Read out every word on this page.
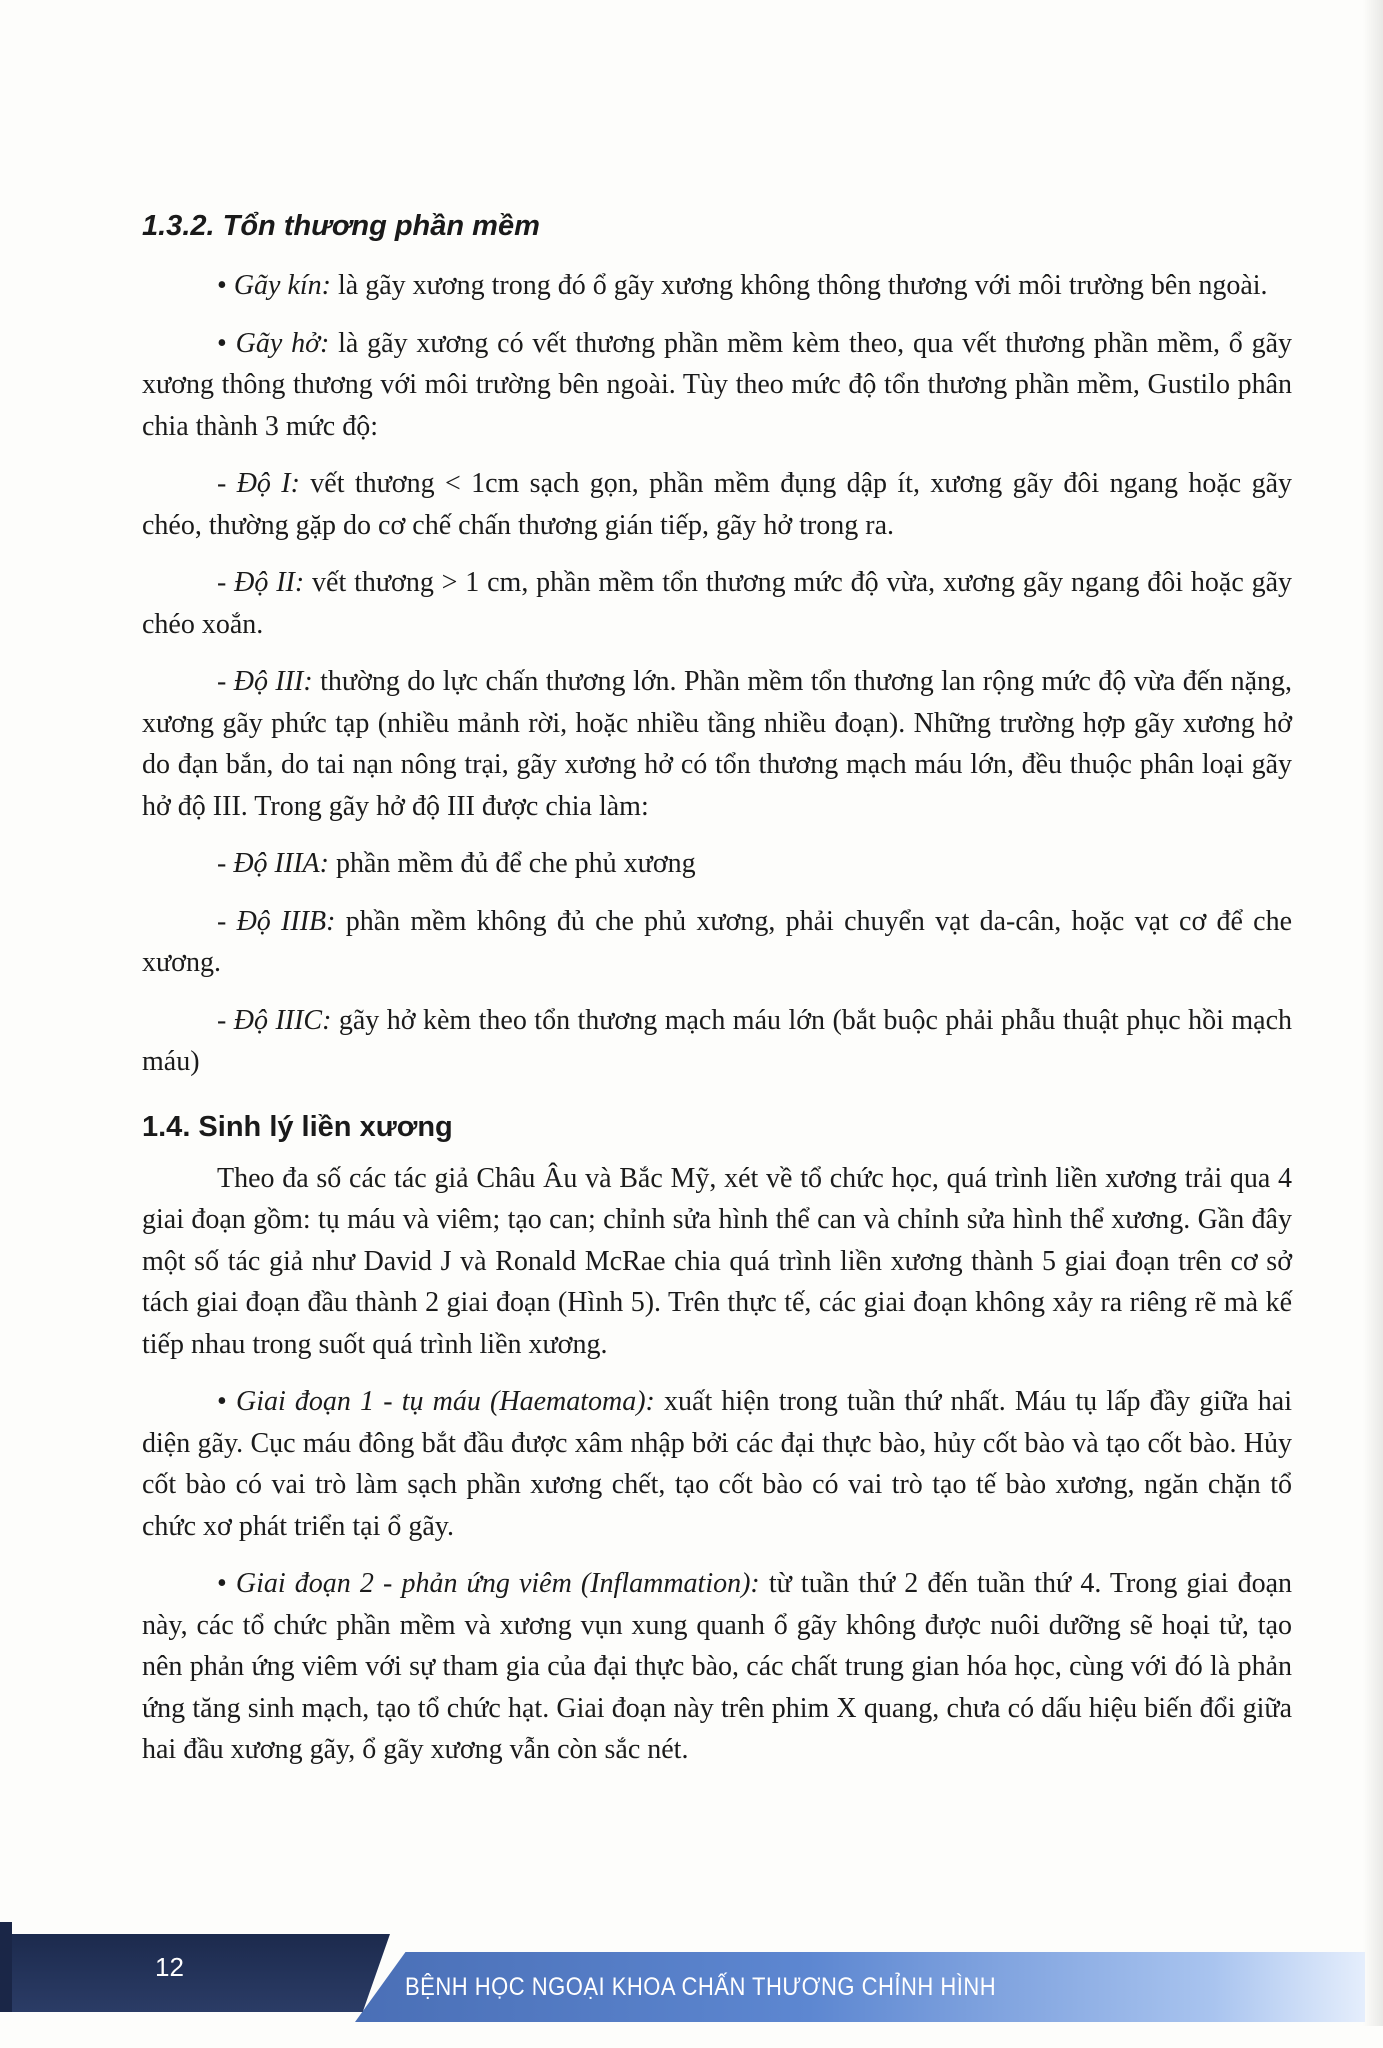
1.3.2. Tổn thương phần mềm

• Gãy kín: là gãy xương trong đó ổ gãy xương không thông thương với môi trường bên ngoài.

• Gãy hở: là gãy xương có vết thương phần mềm kèm theo, qua vết thương phần mềm, ổ gãy xương thông thương với môi trường bên ngoài. Tùy theo mức độ tổn thương phần mềm, Gustilo phân chia thành 3 mức độ:

- Độ I: vết thương < 1cm sạch gọn, phần mềm đụng dập ít, xương gãy đôi ngang hoặc gãy chéo, thường gặp do cơ chế chấn thương gián tiếp, gãy hở trong ra.

- Độ II: vết thương > 1 cm, phần mềm tổn thương mức độ vừa, xương gãy ngang đôi hoặc gãy chéo xoắn.

- Độ III: thường do lực chấn thương lớn. Phần mềm tổn thương lan rộng mức độ vừa đến nặng, xương gãy phức tạp (nhiều mảnh rời, hoặc nhiều tầng nhiều đoạn). Những trường hợp gãy xương hở do đạn bắn, do tai nạn nông trại, gãy xương hở có tổn thương mạch máu lớn, đều thuộc phân loại gãy hở độ III. Trong gãy hở độ III được chia làm:

- Độ IIIA: phần mềm đủ để che phủ xương

- Độ IIIB: phần mềm không đủ che phủ xương, phải chuyển vạt da-cân, hoặc vạt cơ để che xương.

- Độ IIIC: gãy hở kèm theo tổn thương mạch máu lớn (bắt buộc phải phẫu thuật phục hồi mạch máu)

1.4. Sinh lý liền xương

Theo đa số các tác giả Châu Âu và Bắc Mỹ, xét về tổ chức học, quá trình liền xương trải qua 4 giai đoạn gồm: tụ máu và viêm; tạo can; chỉnh sửa hình thể can và chỉnh sửa hình thể xương. Gần đây một số tác giả như David J và Ronald McRae chia quá trình liền xương thành 5 giai đoạn trên cơ sở tách giai đoạn đầu thành 2 giai đoạn (Hình 5). Trên thực tế, các giai đoạn không xảy ra riêng rẽ mà kế tiếp nhau trong suốt quá trình liền xương.

• Giai đoạn 1 - tụ máu (Haematoma): xuất hiện trong tuần thứ nhất. Máu tụ lấp đầy giữa hai diện gãy. Cục máu đông bắt đầu được xâm nhập bởi các đại thực bào, hủy cốt bào và tạo cốt bào. Hủy cốt bào có vai trò làm sạch phần xương chết, tạo cốt bào có vai trò tạo tế bào xương, ngăn chặn tổ chức xơ phát triển tại ổ gãy.

• Giai đoạn 2 - phản ứng viêm (Inflammation): từ tuần thứ 2 đến tuần thứ 4. Trong giai đoạn này, các tổ chức phần mềm và xương vụn xung quanh ổ gãy không được nuôi dưỡng sẽ hoại tử, tạo nên phản ứng viêm với sự tham gia của đại thực bào, các chất trung gian hóa học, cùng với đó là phản ứng tăng sinh mạch, tạo tổ chức hạt. Giai đoạn này trên phim X quang, chưa có dấu hiệu biến đổi giữa hai đầu xương gãy, ổ gãy xương vẫn còn sắc nét.

12
BỆNH HỌC NGOẠI KHOA CHẤN THƯƠNG CHỈNH HÌNH
